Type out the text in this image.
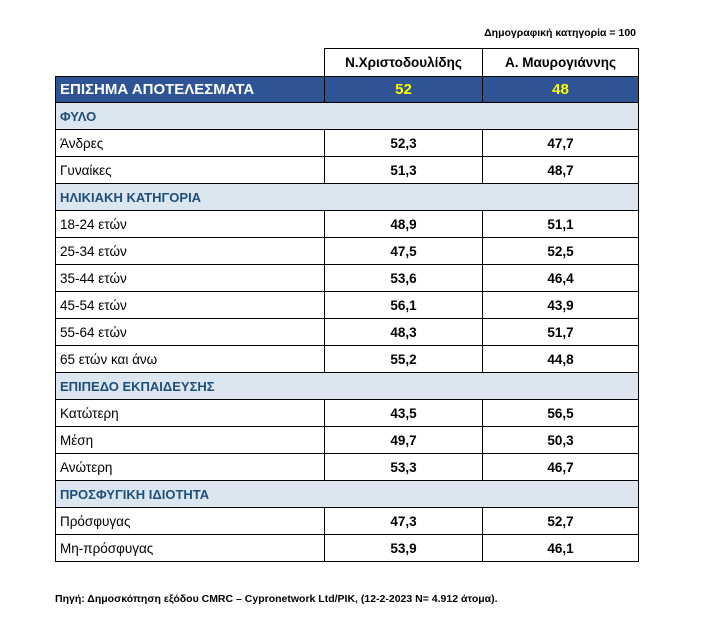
Δημογραφική κατηγορία = 100
	Ν.Χριστοδουλίδης	Α. Μαυρογιάννης
ΕΠΙΣΗΜΑ ΑΠΟΤΕΛΕΣΜΑΤΑ	52	48
ΦΥΛΟ		
Άνδρες	52,3	47,7
Γυναίκες	51,3	48,7
ΗΛΙΚΙΑΚΗ ΚΑΤΗΓΟΡΙΑ		
18-24 ετών	48,9	51,1
25-34 ετών	47,5	52,5
35-44 ετών	53,6	46,4
45-54 ετών	56,1	43,9
55-64 ετών	48,3	51,7
65 ετών και άνω	55,2	44,8
ΕΠΙΠΕΔΟ ΕΚΠΑΙΔΕΥΣΗΣ		
Κατώτερη	43,5	56,5
Μέση	49,7	50,3
Ανώτερη	53,3	46,7
ΠΡΟΣΦΥΓΙΚΗ ΙΔΙΟΤΗΤΑ		
Πρόσφυγας	47,3	52,7
Μη-πρόσφυγας	53,9	46,1
Πηγή: Δημοσκόπηση εξόδου CMRC – Cypronetwork Ltd/PIK, (12-2-2023 Ν= 4.912 άτομα).
